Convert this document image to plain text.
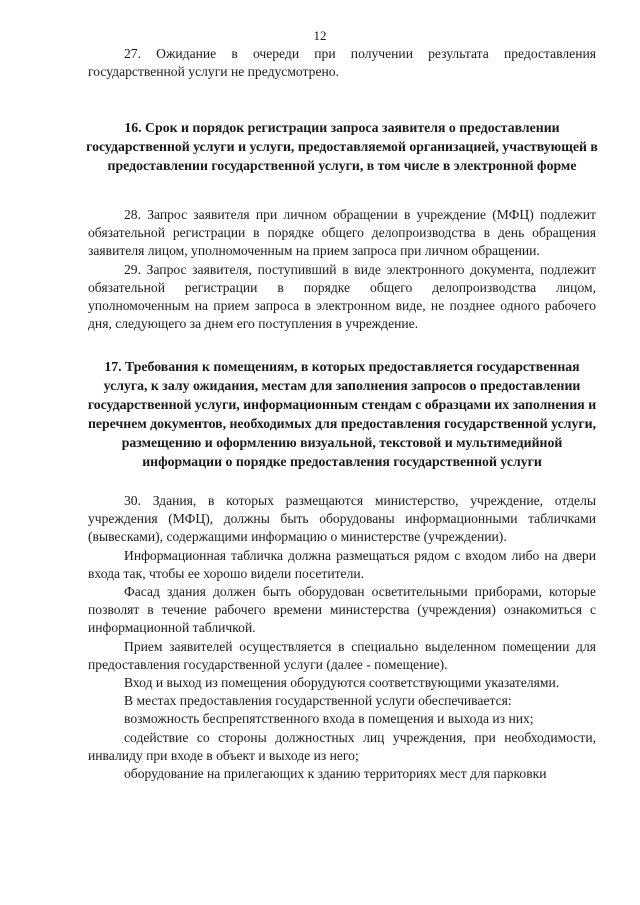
12

27. Ожидание в очереди при получении результата предоставления государственной услуги не предусмотрено.

16. Срок и порядок регистрации запроса заявителя о предоставлении государственной услуги и услуги, предоставляемой организацией, участвующей в предоставлении государственной услуги, в том числе в электронной форме

28. Запрос заявителя при личном обращении в учреждение (МФЦ) подлежит обязательной регистрации в порядке общего делопроизводства в день обращения заявителя лицом, уполномоченным на прием запроса при личном обращении.

29. Запрос заявителя, поступивший в виде электронного документа, подлежит обязательной регистрации в порядке общего делопроизводства лицом, уполномоченным на прием запроса в электронном виде, не позднее одного рабочего дня, следующего за днем его поступления в учреждение.

17. Требования к помещениям, в которых предоставляется государственная услуга, к залу ожидания, местам для заполнения запросов о предоставлении государственной услуги, информационным стендам с образцами их заполнения и перечнем документов, необходимых для предоставления государственной услуги, размещению и оформлению визуальной, текстовой и мультимедийной информации о порядке предоставления государственной услуги

30. Здания, в которых размещаются министерство, учреждение, отделы учреждения (МФЦ), должны быть оборудованы информационными табличками (вывесками), содержащими информацию о министерстве (учреждении).

Информационная табличка должна размещаться рядом с входом либо на двери входа так, чтобы ее хорошо видели посетители.

Фасад здания должен быть оборудован осветительными приборами, которые позволят в течение рабочего времени министерства (учреждения) ознакомиться с информационной табличкой.

Прием заявителей осуществляется в специально выделенном помещении для предоставления государственной услуги (далее - помещение).

Вход и выход из помещения оборудуются соответствующими указателями.

В местах предоставления государственной услуги обеспечивается:

возможность беспрепятственного входа в помещения и выхода из них;

содействие со стороны должностных лиц учреждения, при необходимости, инвалиду при входе в объект и выходе из него;

оборудование на прилегающих к зданию территориях мест для парковки
